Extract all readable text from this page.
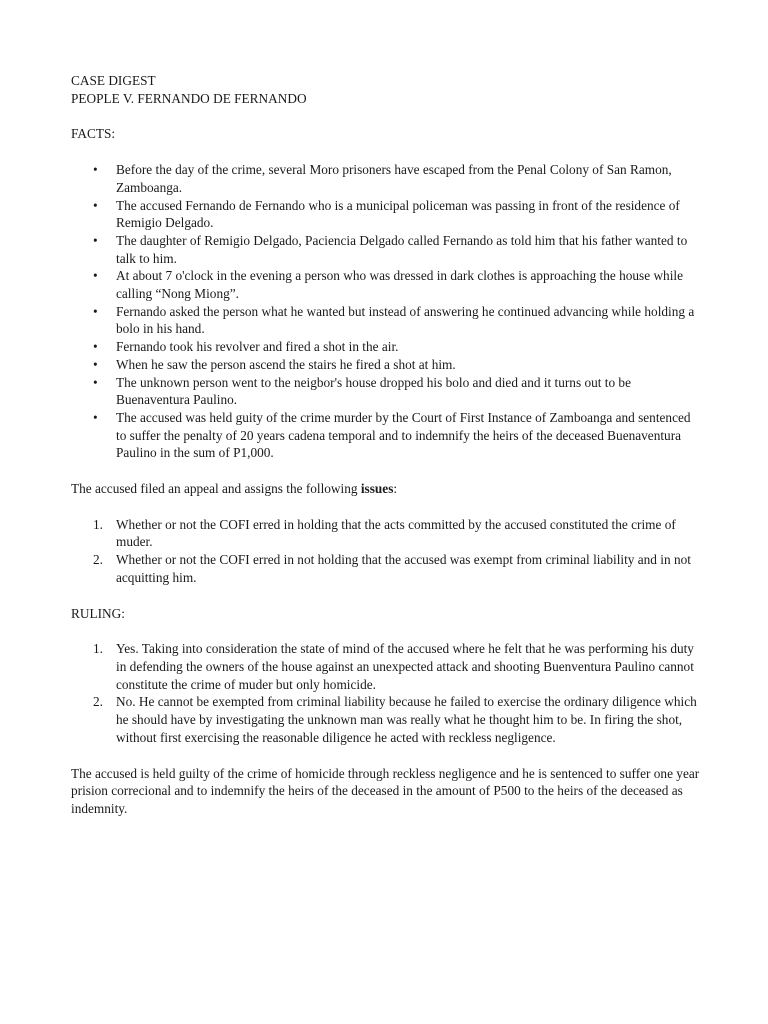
CASE DIGEST

PEOPLE V. FERNANDO DE FERNANDO

FACTS:

• Before the day of the crime, several Moro prisoners have escaped from the Penal Colony of San Ramon, Zamboanga.
• The accused Fernando de Fernando who is a municipal policeman was passing in front of the residence of Remigio Delgado.
• The daughter of Remigio Delgado, Paciencia Delgado called Fernando as told him that his father wanted to talk to him.
• At about 7 o'clock in the evening a person who was dressed in dark clothes is approaching the house while calling “Nong Miong”.
• Fernando asked the person what he wanted but instead of answering he continued advancing while holding a bolo in his hand.
• Fernando took his revolver and fired a shot in the air.
• When he saw the person ascend the stairs he fired a shot at him.
• The unknown person went to the neigbor's house dropped his bolo and died and it turns out to be Buenaventura Paulino.
• The accused was held guity of the crime murder by the Court of First Instance of Zamboanga and sentenced to suffer the penalty of 20 years cadena temporal and to indemnify the heirs of the deceased Buenaventura Paulino in the sum of P1,000.

The accused filed an appeal and assigns the following issues:

1. Whether or not the COFI erred in holding that the acts committed by the accused constituted the crime of muder.
2. Whether or not the COFI erred in not holding that the accused was exempt from criminal liability and in not acquitting him.

RULING:

1. Yes. Taking into consideration the state of mind of the accused where he felt that he was performing his duty in defending the owners of the house against an unexpected attack and shooting Buenventura Paulino cannot constitute the crime of muder but only homicide.
2. No. He cannot be exempted from criminal liability because he failed to exercise the ordinary diligence which he should have by investigating the unknown man was really what he thought him to be. In firing the shot, without first exercising the reasonable diligence he acted with reckless negligence.

The accused is held guilty of the crime of homicide through reckless negligence and he is sentenced to suffer one year prision correcional and to indemnify the heirs of the deceased in the amount of P500 to the heirs of the deceased as indemnity.
